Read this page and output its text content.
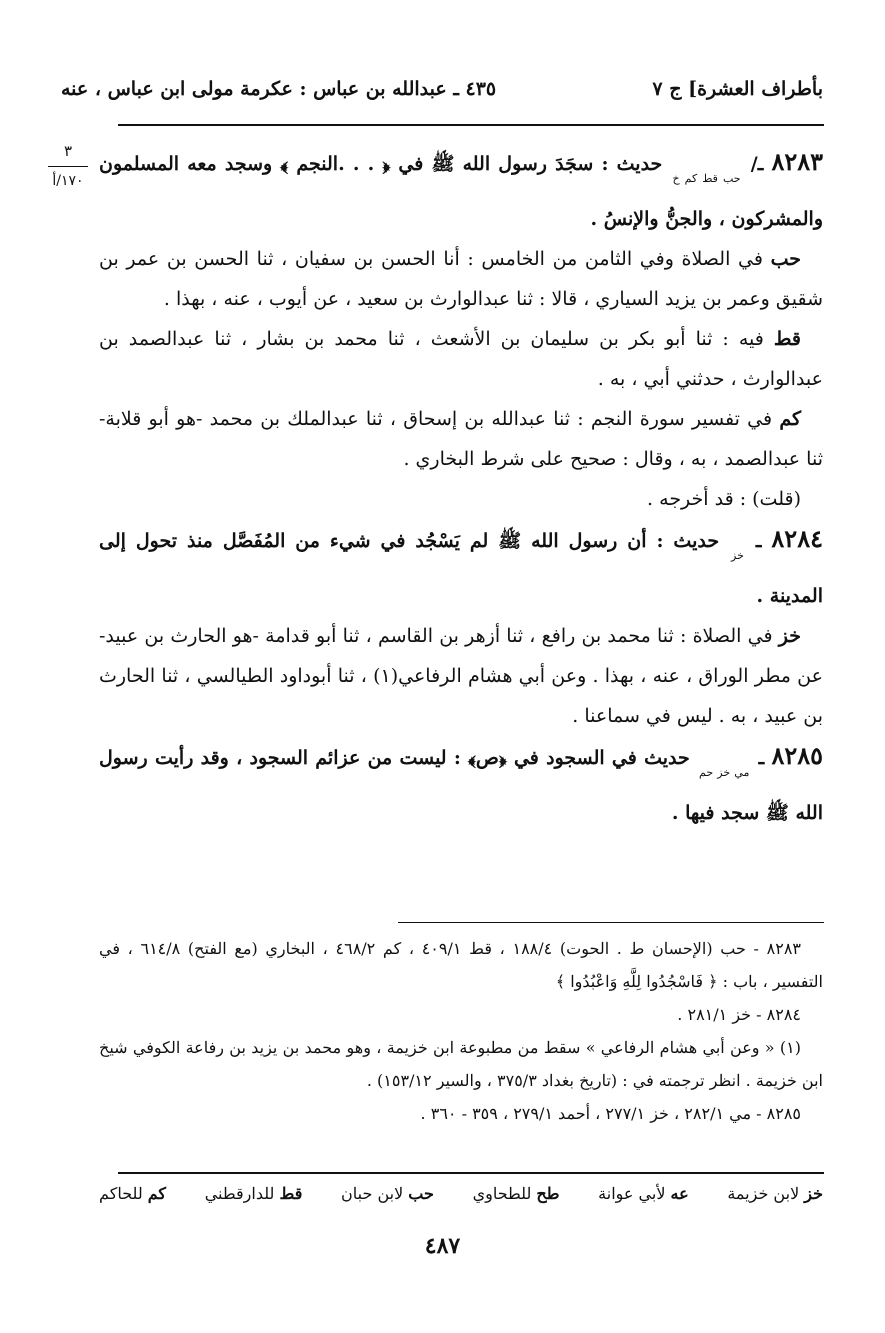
بأطراف العشرة] ج ٧
٤٣٥ ـ عبدالله بن عباس : عكرمة مولى ابن عباس ، عنه
٣
١٧٠/أ

٨٢٨٣ ـ/ $_{حب قط كم خ}$ حديث : سجَدَ رسول الله ﷺ في ﴿ . . .النجم ﴾ وسجد معه المسلمون والمشركون ، والجنُّ والإنسُ .

حب في الصلاة وفي الثامن من الخامس : أنا الحسن بن سفيان ، ثنا الحسن بن عمر بن شقيق وعمر بن يزيد السياري ، قالا : ثنا عبدالوارث بن سعيد ، عن أيوب ، عنه ، بهذا .

قط فيه : ثنا أبو بكر بن سليمان بن الأشعث ، ثنا محمد بن بشار ، ثنا عبدالصمد بن عبدالوارث ، حدثني أبي ، به .

كم في تفسير سورة النجم : ثنا عبدالله بن إسحاق ، ثنا عبدالملك بن محمد -هو أبو قلابة- ثنا عبدالصمد ، به ، وقال : صحيح على شرط البخاري .

(قلت) : قد أخرجه .

٨٢٨٤ ـ $_{خز}$ حديث : أن رسول الله ﷺ لم يَسْجُد في شيء من المُفَصَّل منذ تحول إلى المدينة .

خز في الصلاة : ثنا محمد بن رافع ، ثنا أزهر بن القاسم ، ثنا أبو قدامة -هو الحارث بن عبيد- عن مطر الوراق ، عنه ، بهذا . وعن أبي هشام الرفاعي(١) ، ثنا أبوداود الطيالسي ، ثنا الحارث بن عبيد ، به . ليس في سماعنا .

٨٢٨٥ ـ $_{مي خز حم}$ حديث في السجود في ﴿ص﴾ : ليست من عزائم السجود ، وقد رأيت رسول الله ﷺ سجد فيها .

٨٢٨٣ - حب (الإحسان ط . الحوت) ١٨٨/٤ ، قط ٤٠٩/١ ، كم ٤٦٨/٢ ، البخاري (مع الفتح) ٦١٤/٨ ، في التفسير ، باب : ﴿ فَاسْجُدُوا لِلَّهِ وَاعْبُدُوا ﴾

٨٢٨٤ - خز ٢٨١/١ .

(١) « وعن أبي هشام الرفاعي » سقط من مطبوعة ابن خزيمة ، وهو محمد بن يزيد بن رفاعة الكوفي شيخ ابن خزيمة . انظر ترجمته في : (تاريخ بغداد ٣٧٥/٣ ، والسير ١٥٣/١٢) .

٨٢٨٥ - مي ٢٨٢/١ ، خز ٢٧٧/١ ، أحمد ٢٧٩/١ ، ٣٥٩ - ٣٦٠ .

خز لابن خزيمة
عه لأبي عوانة
طح للطحاوي
حب لابن حبان
قط للدارقطني
كم للحاكم
٤٨٧
